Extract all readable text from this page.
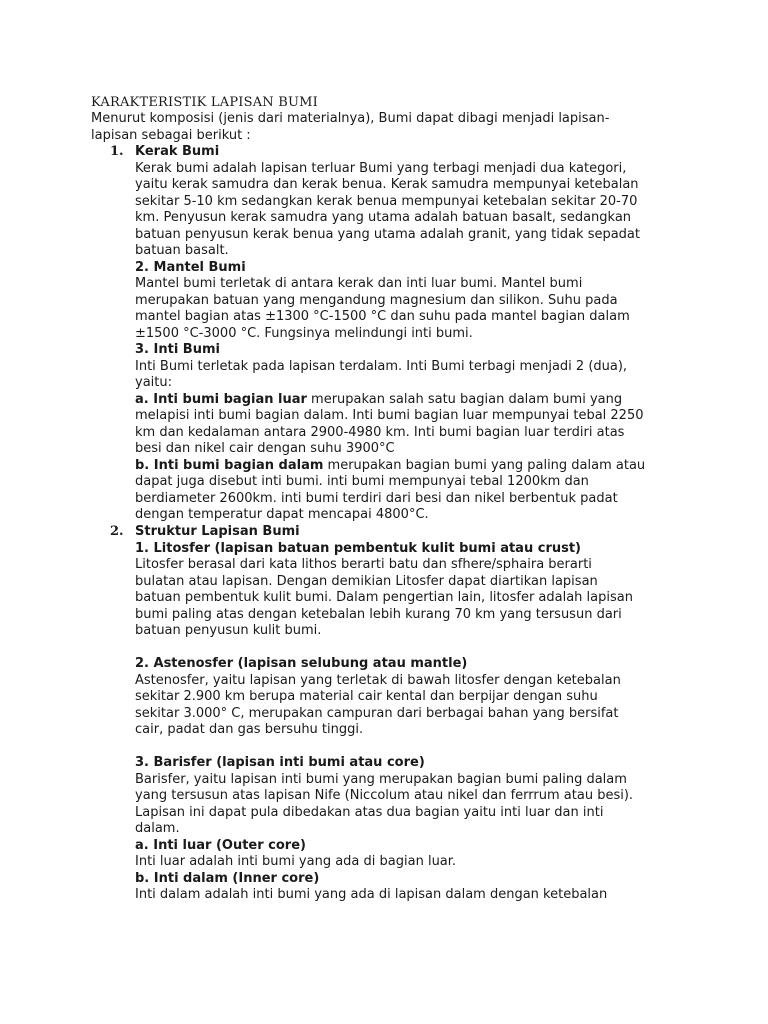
KARAKTERISTIK LAPISAN BUMI
Menurut komposisi (jenis dari materialnya), Bumi dapat dibagi menjadi lapisan-
lapisan sebagai berikut :
1. Kerak Bumi
Kerak bumi adalah lapisan terluar Bumi yang terbagi menjadi dua kategori,
yaitu kerak samudra dan kerak benua. Kerak samudra mempunyai ketebalan
sekitar 5-10 km sedangkan kerak benua mempunyai ketebalan sekitar 20-70
km. Penyusun kerak samudra yang utama adalah batuan basalt, sedangkan
batuan penyusun kerak benua yang utama adalah granit, yang tidak sepadat
batuan basalt.
2. Mantel Bumi
Mantel bumi terletak di antara kerak dan inti luar bumi. Mantel bumi
merupakan batuan yang mengandung magnesium dan silikon. Suhu pada
mantel bagian atas ±1300 °C-1500 °C dan suhu pada mantel bagian dalam
±1500 °C-3000 °C. Fungsinya melindungi inti bumi.
3. Inti Bumi
Inti Bumi terletak pada lapisan terdalam. Inti Bumi terbagi menjadi 2 (dua),
yaitu:
a. Inti bumi bagian luar merupakan salah satu bagian dalam bumi yang
melapisi inti bumi bagian dalam. Inti bumi bagian luar mempunyai tebal 2250
km dan kedalaman antara 2900-4980 km. Inti bumi bagian luar terdiri atas
besi dan nikel cair dengan suhu 3900°C
b. Inti bumi bagian dalam merupakan bagian bumi yang paling dalam atau
dapat juga disebut inti bumi. inti bumi mempunyai tebal 1200km dan
berdiameter 2600km. inti bumi terdiri dari besi dan nikel berbentuk padat
dengan temperatur dapat mencapai 4800°C.
2. Struktur Lapisan Bumi
1. Litosfer (lapisan batuan pembentuk kulit bumi atau crust)
Litosfer berasal dari kata lithos berarti batu dan sfhere/sphaira berarti
bulatan atau lapisan. Dengan demikian Litosfer dapat diartikan lapisan
batuan pembentuk kulit bumi. Dalam pengertian lain, litosfer adalah lapisan
bumi paling atas dengan ketebalan lebih kurang 70 km yang tersusun dari
batuan penyusun kulit bumi.
2. Astenosfer (lapisan selubung atau mantle)
Astenosfer, yaitu lapisan yang terletak di bawah litosfer dengan ketebalan
sekitar 2.900 km berupa material cair kental dan berpijar dengan suhu
sekitar 3.000° C, merupakan campuran dari berbagai bahan yang bersifat
cair, padat dan gas bersuhu tinggi.
3. Barisfer (lapisan inti bumi atau core)
Barisfer, yaitu lapisan inti bumi yang merupakan bagian bumi paling dalam
yang tersusun atas lapisan Nife (Niccolum atau nikel dan ferrrum atau besi).
Lapisan ini dapat pula dibedakan atas dua bagian yaitu inti luar dan inti
dalam.
a. Inti luar (Outer core)
Inti luar adalah inti bumi yang ada di bagian luar.
b. Inti dalam (Inner core)
Inti dalam adalah inti bumi yang ada di lapisan dalam dengan ketebalan
